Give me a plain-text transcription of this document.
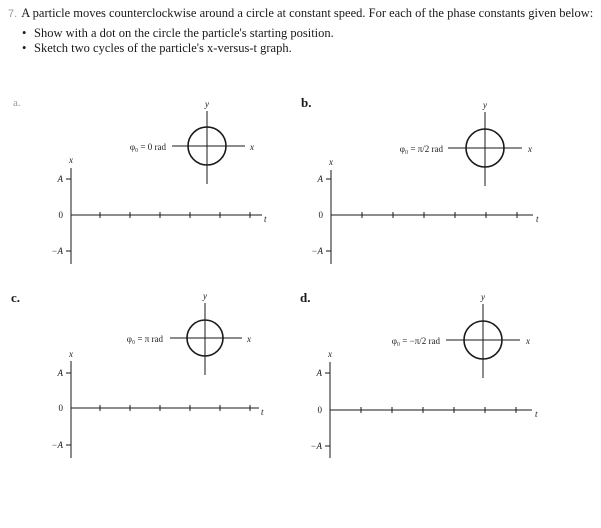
7. A particle moves counterclockwise around a circle at constant speed. For each of the phase constants given below:
• Show with a dot on the circle the particle's starting position.
• Sketch two cycles of the particle's x-versus-t graph.
a.	b.
c.	d.
y
x
φ₀ = 0 rad
x
t
A
0
−A
y
x
φ₀ = π/2 rad
x
t
A
0
−A
y
x
φ₀ = π rad
x
t
A
0
−A
y
x
φ₀ = −π/2 rad
x
t
A
0
−A
